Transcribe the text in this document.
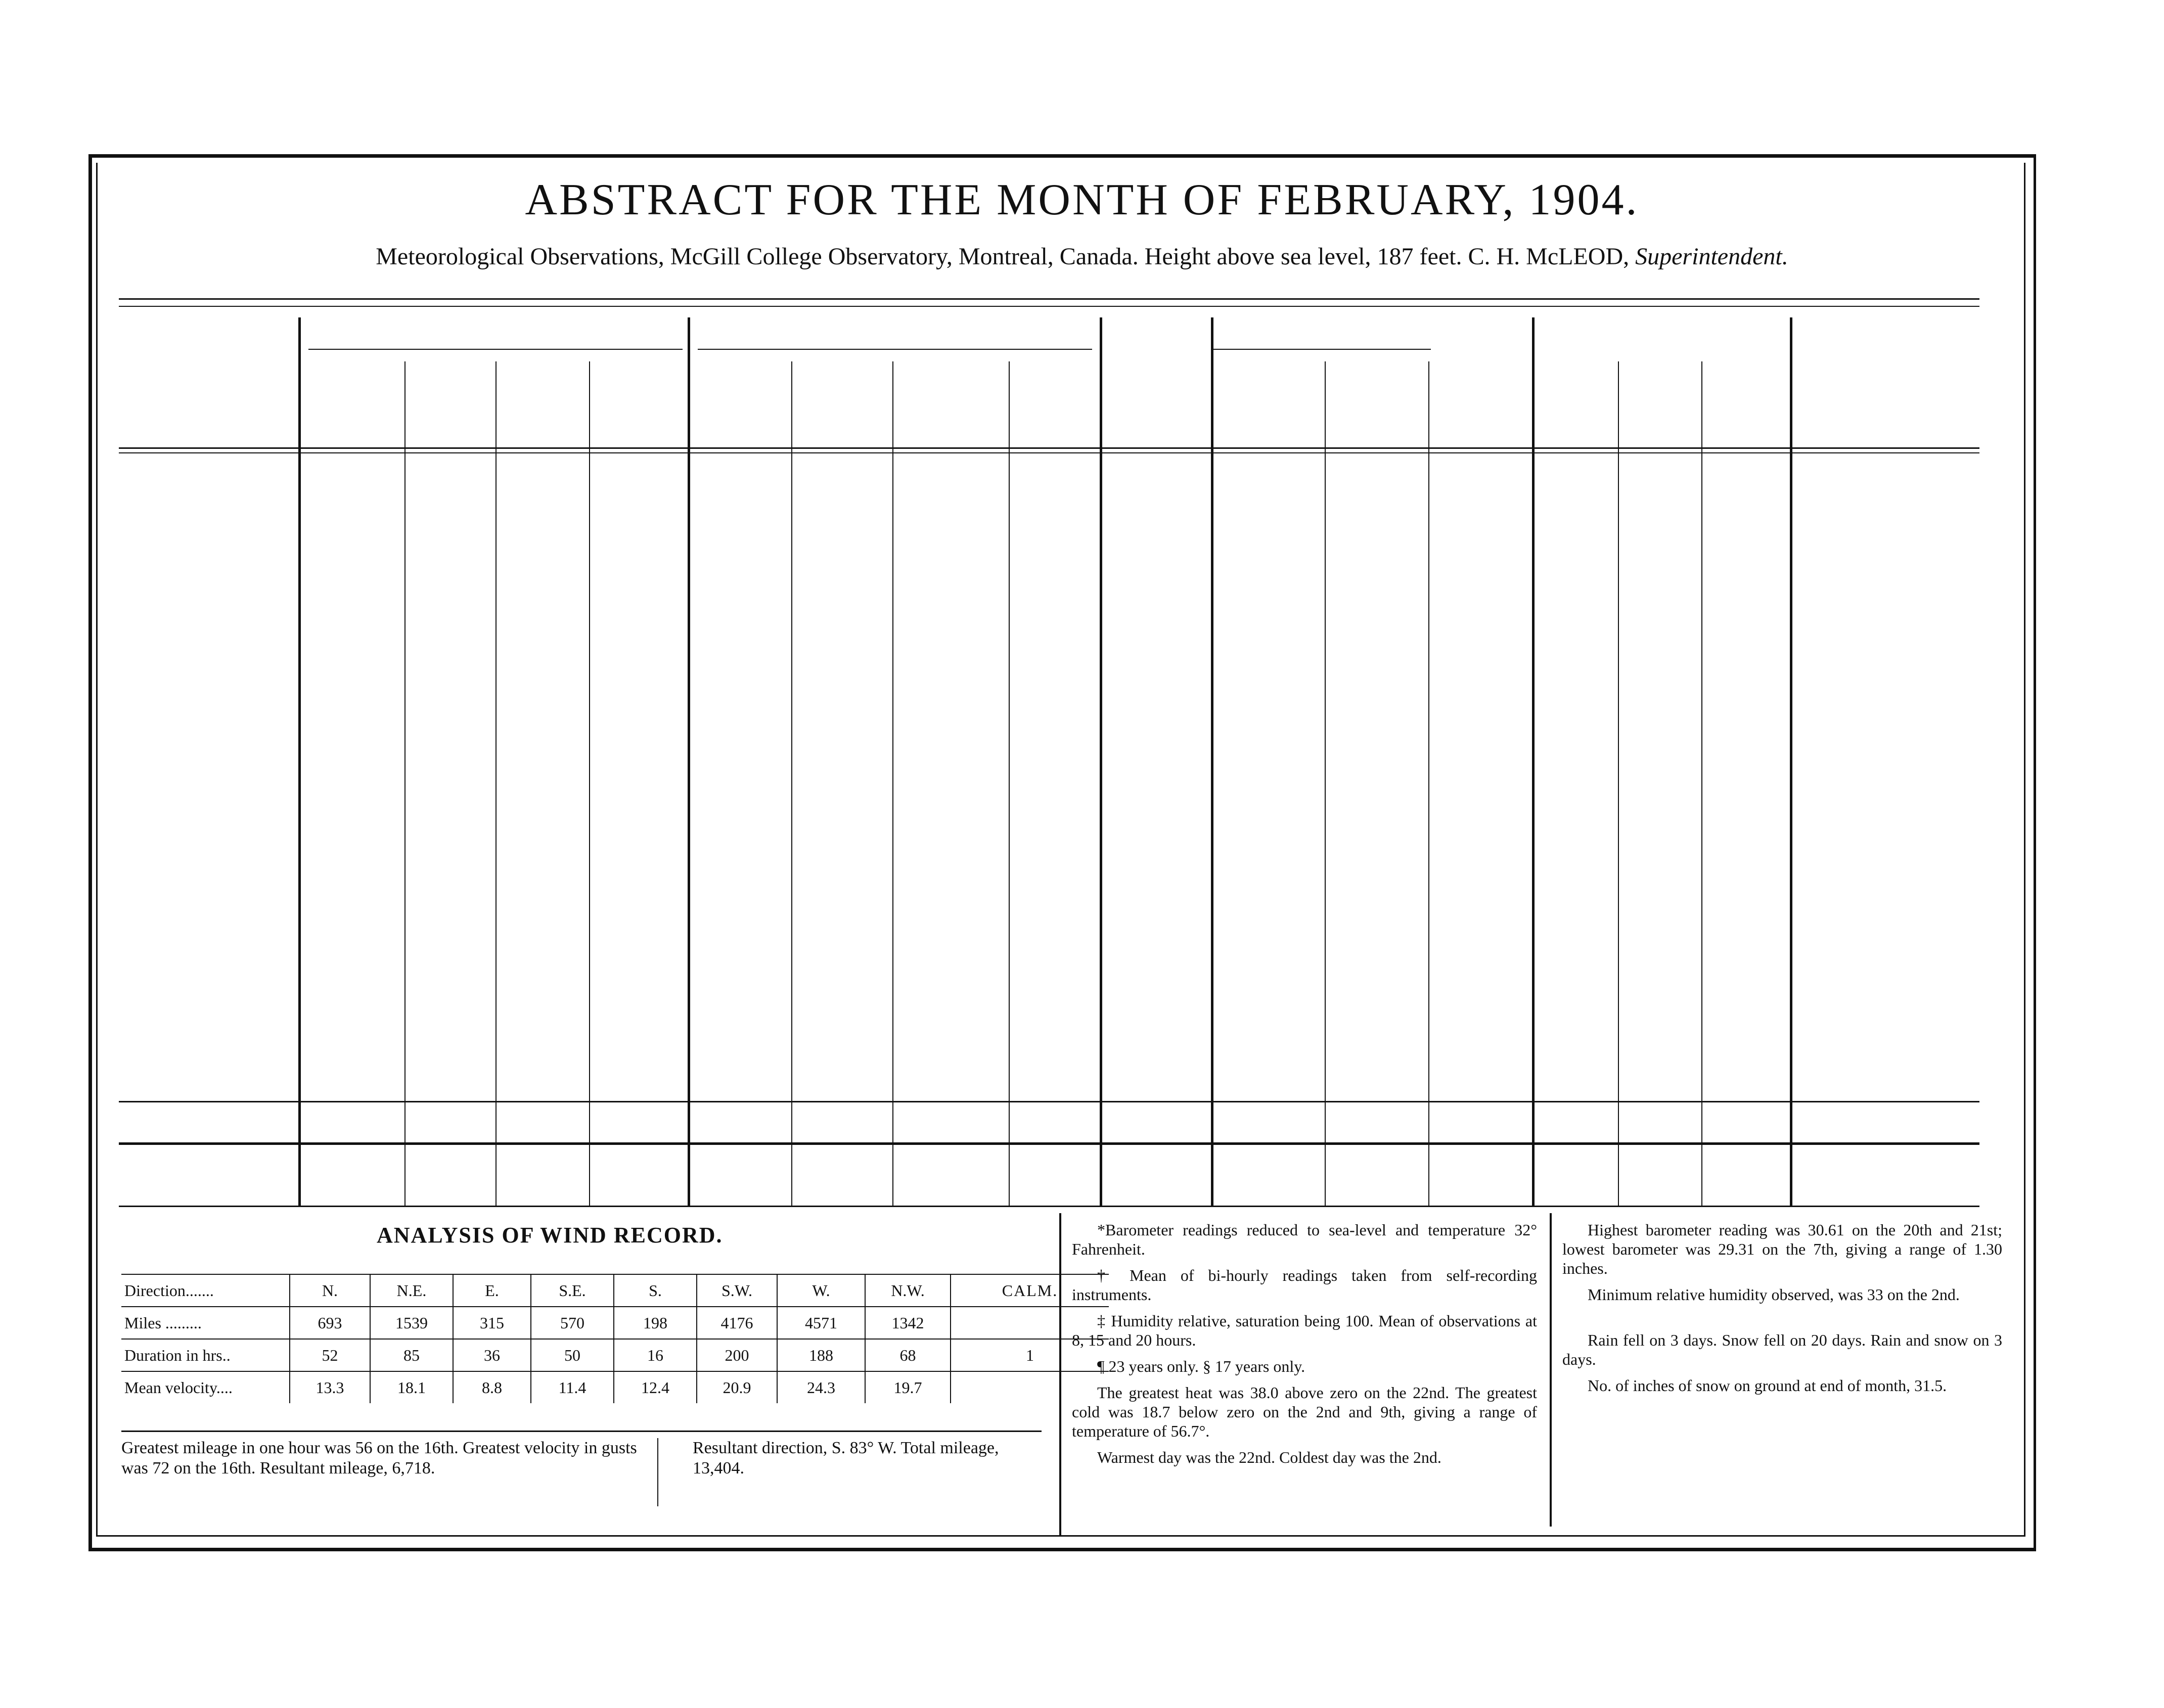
ABSTRACT FOR THE MONTH OF FEBRUARY, 1904.
Meteorological Observations, McGill College Observatory, Montreal, Canada. Height above sea level, 187 feet. C. H. McLEOD, Superintendent.
ANALYSIS OF WIND RECORD.
Direction.......	N.	N.E.	E.	S.E.	S.	S.W.	W.	N.W.	CALM.
Miles .........	693	1539	315	570	198	4176	4571	1342	
Duration in hrs..	52	85	36	50	16	200	188	68	1
Mean velocity....	13.3	18.1	8.8	11.4	12.4	20.9	24.3	19.7	
Greatest mileage in one hour was 56 on the 16th. Greatest velocity in gusts was 72 on the 16th. Resultant mileage, 6,718.
Resultant direction, S. 83° W. Total mileage, 13,404.
*Barometer readings reduced to sea-level and temperature 32° Fahrenheit.
† Mean of bi-hourly readings taken from self-recording instruments.
‡ Humidity relative, saturation being 100. Mean of observations at 8, 15 and 20 hours.
¶ 23 years only. § 17 years only.
The greatest heat was 38.0 above zero on the 22nd. The greatest cold was 18.7 below zero on the 2nd and 9th, giving a range of temperature of 56.7°.
Warmest day was the 22nd. Coldest day was the 2nd.
Highest barometer reading was 30.61 on the 20th and 21st; lowest barometer was 29.31 on the 7th, giving a range of 1.30 inches.
Minimum relative humidity observed, was 33 on the 2nd.
Rain fell on 3 days. Snow fell on 20 days. Rain and snow on 3 days.
No. of inches of snow on ground at end of month, 31.5.
